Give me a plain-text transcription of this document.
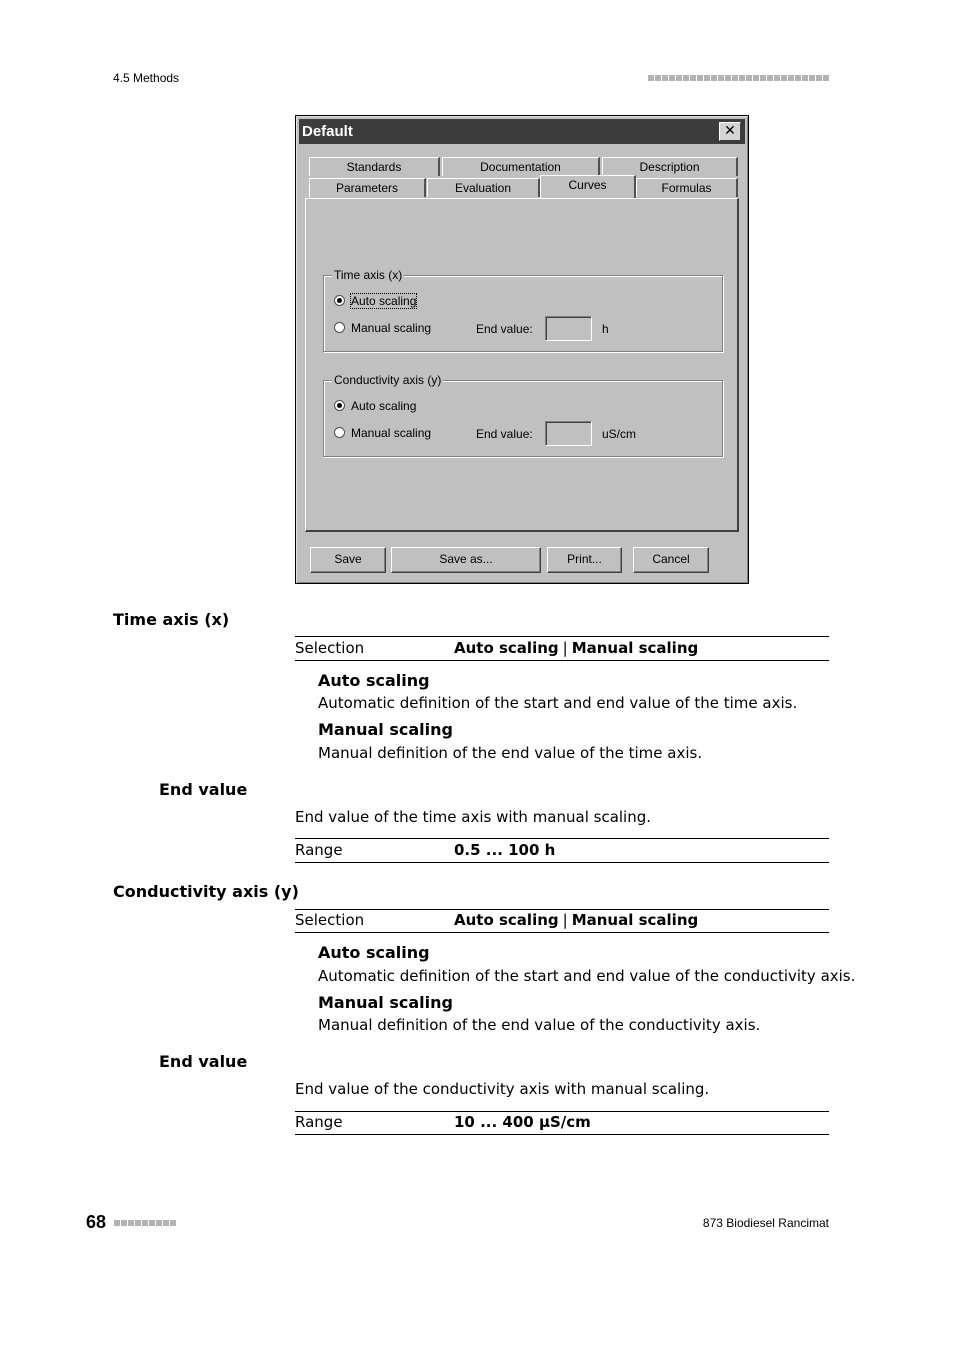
4.5 Methods
Default	✕
Standards	Documentation	Description
Parameters	Evaluation	Curves	Formulas
Time axis (x)
Auto scaling
Manual scaling	End value:	h
Conductivity axis (y)
Auto scaling
Manual scaling	End value:	uS/cm
Save	Save as...	Print...	Cancel
Time axis (x)
Selection	Auto scaling | Manual scaling
Auto scaling
Automatic definition of the start and end value of the time axis.
Manual scaling
Manual definition of the end value of the time axis.
End value
End value of the time axis with manual scaling.
Range	0.5 ... 100 h
Conductivity axis (y)
Selection	Auto scaling | Manual scaling
Auto scaling
Automatic definition of the start and end value of the conductivity axis.
Manual scaling
Manual definition of the end value of the conductivity axis.
End value
End value of the conductivity axis with manual scaling.
Range	10 ... 400 µS/cm
68	873 Biodiesel Rancimat
